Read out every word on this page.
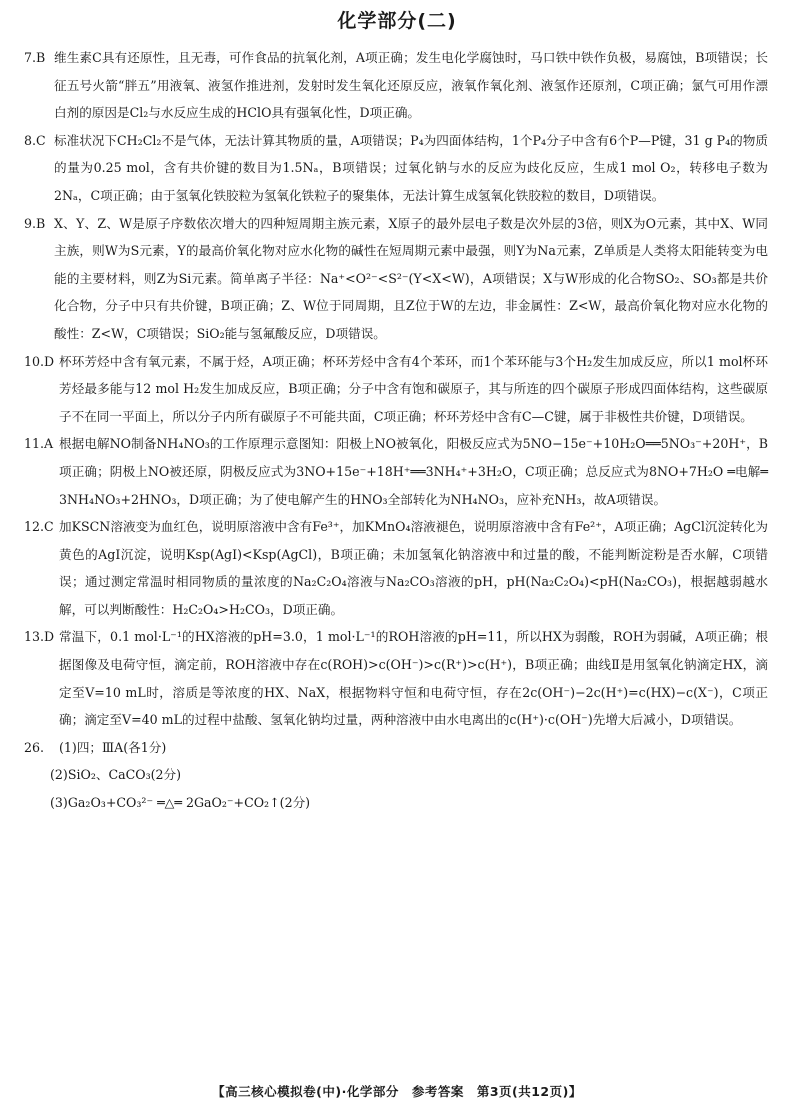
化学部分(二)
7.B 维生素C具有还原性，且无毒，可作食品的抗氧化剂，A项正确；发生电化学腐蚀时，马口铁中铁作负极，易腐蚀，B项错误；长征五号火箭“胖五”用液氧、液氢作推进剂，发射时发生氧化还原反应，液氧作氧化剂、液氢作还原剂，C项正确；氯气可用作漂白剂的原因是Cl₂与水反应生成的HClO具有强氧化性，D项正确。
8.C 标准状况下CH₂Cl₂不是气体，无法计算其物质的量，A项错误；P₄为四面体结构，1个P₄分子中含有6个P—P键，31 g P₄的物质的量为0.25 mol，含有共价键的数目为1.5Nₐ，B项错误；过氧化钠与水的反应为歧化反应，生成1 mol O₂，转移电子数为2Nₐ，C项正确；由于氢氧化铁胶粒为氢氧化铁粒子的聚集体，无法计算生成氢氧化铁胶粒的数目，D项错误。
9.B X、Y、Z、W是原子序数依次增大的四种短周期主族元素，X原子的最外层电子数是次外层的3倍，则X为O元素，其中X、W同主族，则W为S元素，Y的最高价氧化物对应水化物的碱性在短周期元素中最强，则Y为Na元素，Z单质是人类将太阳能转变为电能的主要材料，则Z为Si元素。简单离子半径：Na⁺<O²⁻<S²⁻(Y<X<W)，A项错误；X与W形成的化合物SO₂、SO₃都是共价化合物，分子中只有共价键，B项正确；Z、W位于同周期，且Z位于W的左边，非金属性：Z<W，最高价氧化物对应水化物的酸性：Z<W，C项错误；SiO₂能与氢氟酸反应，D项错误。
10.D 杯环芳烃中含有氧元素，不属于烃，A项正确；杯环芳烃中含有4个苯环，而1个苯环能与3个H₂发生加成反应，所以1 mol杯环芳烃最多能与12 mol H₂发生加成反应，B项正确；分子中含有饱和碳原子，其与所连的四个碳原子形成四面体结构，这些碳原子不在同一平面上，所以分子内所有碳原子不可能共面，C项正确；杯环芳烃中含有C—C键，属于非极性共价键，D项错误。
11.A 根据电解NO制备NH₄NO₃的工作原理示意图知：阳极上NO被氧化，阳极反应式为5NO−15e⁻+10H₂O══5NO₃⁻+20H⁺，B项正确；阴极上NO被还原，阴极反应式为3NO+15e⁻+18H⁺══3NH₄⁺+3H₂O，C项正确；总反应式为8NO+7H₂O ═电解═ 3NH₄NO₃+2HNO₃，D项正确；为了使电解产生的HNO₃全部转化为NH₄NO₃，应补充NH₃，故A项错误。
12.C 加KSCN溶液变为血红色，说明原溶液中含有Fe³⁺，加KMnO₄溶液褪色，说明原溶液中含有Fe²⁺，A项正确；AgCl沉淀转化为黄色的AgI沉淀，说明Ksp(AgI)<Ksp(AgCl)，B项正确；未加氢氧化钠溶液中和过量的酸，不能判断淀粉是否水解，C项错误；通过测定常温时相同物质的量浓度的Na₂C₂O₄溶液与Na₂CO₃溶液的pH，pH(Na₂C₂O₄)<pH(Na₂CO₃)，根据越弱越水解，可以判断酸性：H₂C₂O₄>H₂CO₃，D项正确。
13.D 常温下，0.1 mol·L⁻¹的HX溶液的pH=3.0，1 mol·L⁻¹的ROH溶液的pH=11，所以HX为弱酸，ROH为弱碱，A项正确；根据图像及电荷守恒，滴定前，ROH溶液中存在c(ROH)>c(OH⁻)>c(R⁺)>c(H⁺)，B项正确；曲线Ⅱ是用氢氧化钠滴定HX，滴定至V=10 mL时，溶质是等浓度的HX、NaX，根据物料守恒和电荷守恒，存在2c(OH⁻)−2c(H⁺)=c(HX)−c(X⁻)，C项正确；滴定至V=40 mL的过程中盐酸、氢氧化钠均过量，两种溶液中由水电离出的c(H⁺)·c(OH⁻)先增大后减小，D项错误。
26.	(1)四；ⅢA(各1分)
(2)SiO₂、CaCO₃(2分)
(3)Ga₂O₃+CO₃²⁻ ═△═ 2GaO₂⁻+CO₂↑(2分)
【高三核心模拟卷(中)·化学部分　参考答案　第3页(共12页)】
